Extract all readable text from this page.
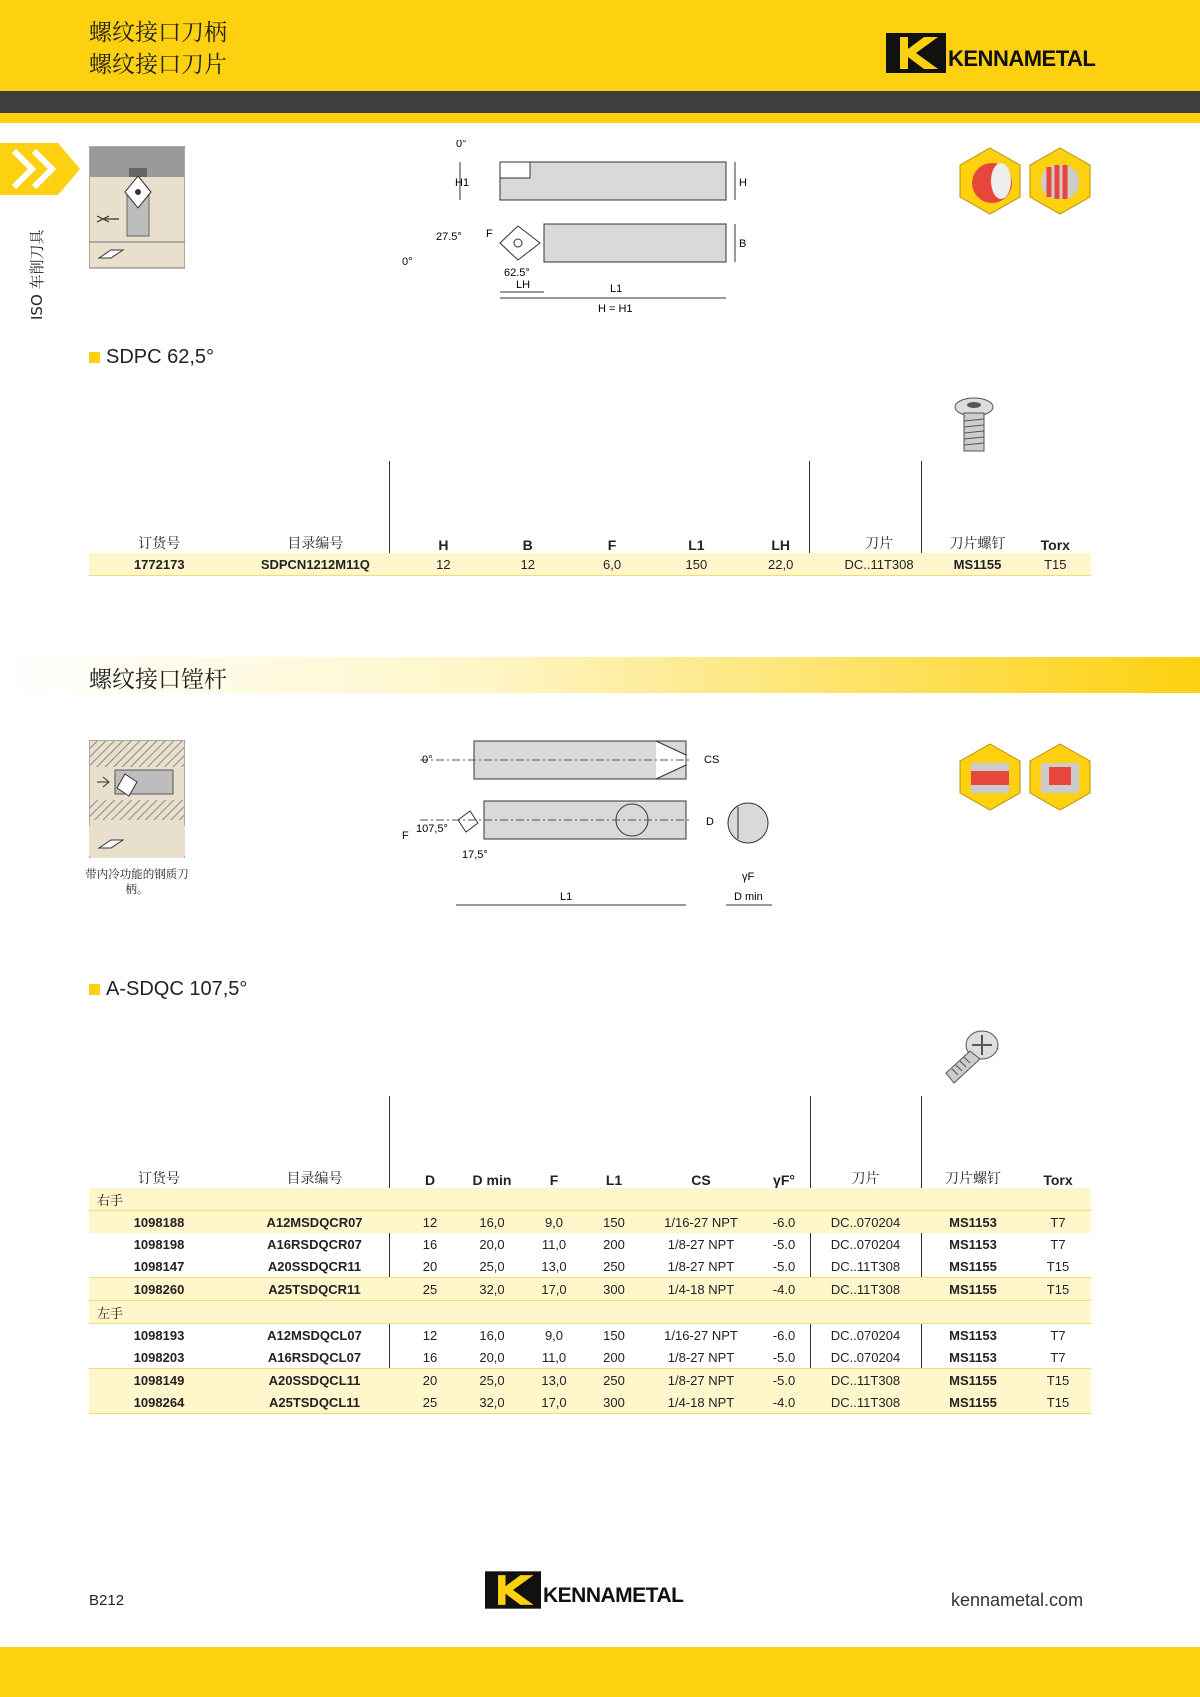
螺纹接口刀柄
螺纹接口刀片	KENNAMETAL
ISO 车削刀具
0°
H1	H
B
27.5° F
0°
62.5°
LH	L1
H = H1
SDPC 62,5°
订货号	目录编号	H	B	F	L1	LH	刀片	刀片螺钉	Torx
1772173	SDPCN1212M11Q	12	12	6,0	150	22,0	DC..11T308	MS1155	T15
螺纹接口镗杆
带内冷功能的钢质刀柄。
0°	CS
F
107,5°
17,5°
D
γF
L1	D min
A-SDQC 107,5°
订货号	目录编号	D	D min	F	L1	CS	γF°	刀片	刀片螺钉	Torx
右手										
1098188	A12MSDQCR07	12	16,0	9,0	150	1/16-27 NPT	-6.0	DC..070204	MS1153	T7
1098198	A16RSDQCR07	16	20,0	11,0	200	1/8-27 NPT	-5.0	DC..070204	MS1153	T7
1098147	A20SSDQCR11	20	25,0	13,0	250	1/8-27 NPT	-5.0	DC..11T308	MS1155	T15
1098260	A25TSDQCR11	25	32,0	17,0	300	1/4-18 NPT	-4.0	DC..11T308	MS1155	T15
左手										
1098193	A12MSDQCL07	12	16,0	9,0	150	1/16-27 NPT	-6.0	DC..070204	MS1153	T7
1098203	A16RSDQCL07	16	20,0	11,0	200	1/8-27 NPT	-5.0	DC..070204	MS1153	T7
1098149	A20SSDQCL11	20	25,0	13,0	250	1/8-27 NPT	-5.0	DC..11T308	MS1155	T15
1098264	A25TSDQCL11	25	32,0	17,0	300	1/4-18 NPT	-4.0	DC..11T308	MS1155	T15
B212	KENNAMETAL	kennametal.com
